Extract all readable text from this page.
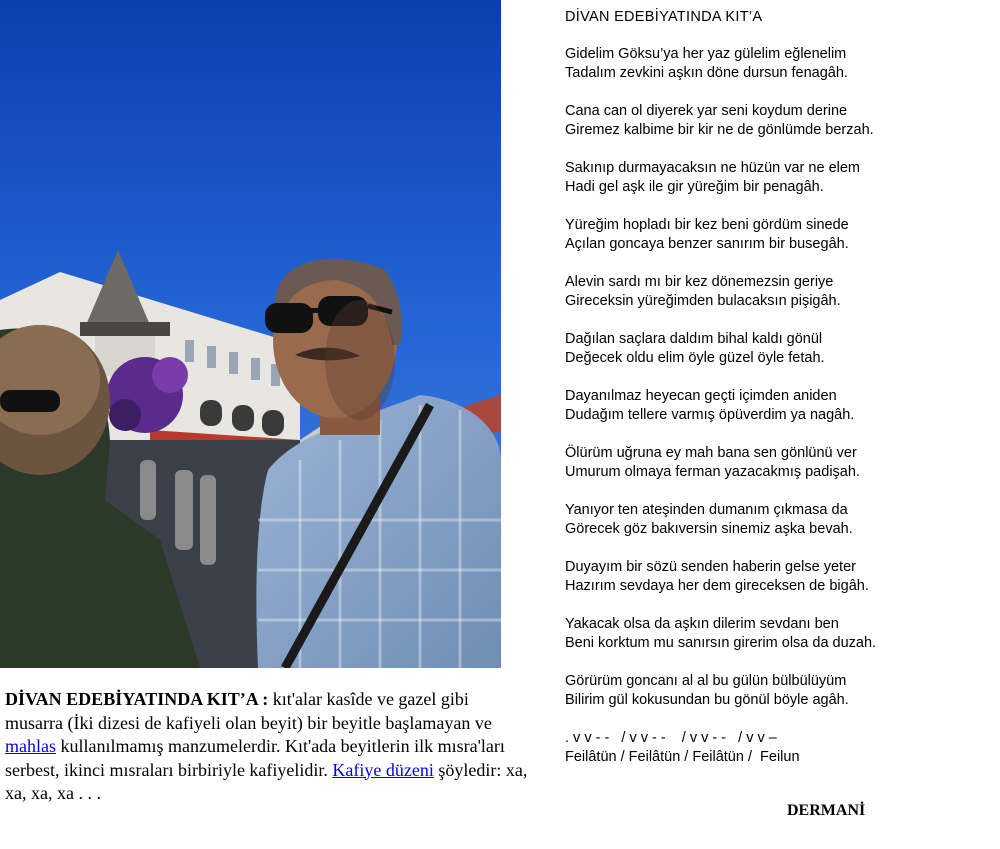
DİVAN EDEBİYATINDA KIT’A : kıt'alar kasîde ve gazel gibi musarra (İki dizesi de kafiyeli olan beyit) bir beyitle başlamayan ve mahlas kullanılmamış manzumelerdir. Kıt'ada beyitlerin ilk mısra'ları serbest, ikinci mısraları birbiriyle kafiyelidir. Kafiye düzeni şöyledir: xa, xa, xa, xa . . .
DİVAN EDEBİYATINDA KIT’A
Gidelim Göksu’ya her yaz gülelim eğlenelim
Tadalım zevkini aşkın döne dursun fenagâh.
Cana can ol diyerek yar seni koydum derine
Giremez kalbime bir kir ne de gönlümde berzah.
Sakınıp durmayacaksın ne hüzün var ne elem
Hadi gel aşk ile gir yüreğim bir penagâh.
Yüreğim hopladı bir kez beni gördüm sinede
Açılan goncaya benzer sanırım bir busegâh.
Alevin sardı mı bir kez dönemezsin geriye
Gireceksin yüreğimden bulacaksın pişigâh.
Dağılan saçlara daldım bihal kaldı gönül
Değecek oldu elim öyle güzel öyle fetah.
Dayanılmaz heyecan geçti içimden aniden
Dudağım tellere varmış öpüverdim ya nagâh.
Ölürüm uğruna ey mah bana sen gönlünü ver
Umurum olmaya ferman yazacakmış padişah.
Yanıyor ten ateşinden dumanım çıkmasa da
Görecek göz bakıversin sinemiz aşka bevah.
Duyayım bir sözü senden haberin gelse yeter
Hazırım sevdaya her dem gireceksen de bigâh.
Yakacak olsa da aşkın dilerim sevdanı ben
Beni korktum mu sanırsın girerim olsa da duzah.
Görürüm goncanı al al bu gülün bülbülüyüm
Bilirim gül kokusundan bu gönül böyle agâh.
. v v - -   / v v - -    / v v - -   / v v –
Feilâtün / Feilâtün / Feilâtün /  Feilun
DERMANİ
